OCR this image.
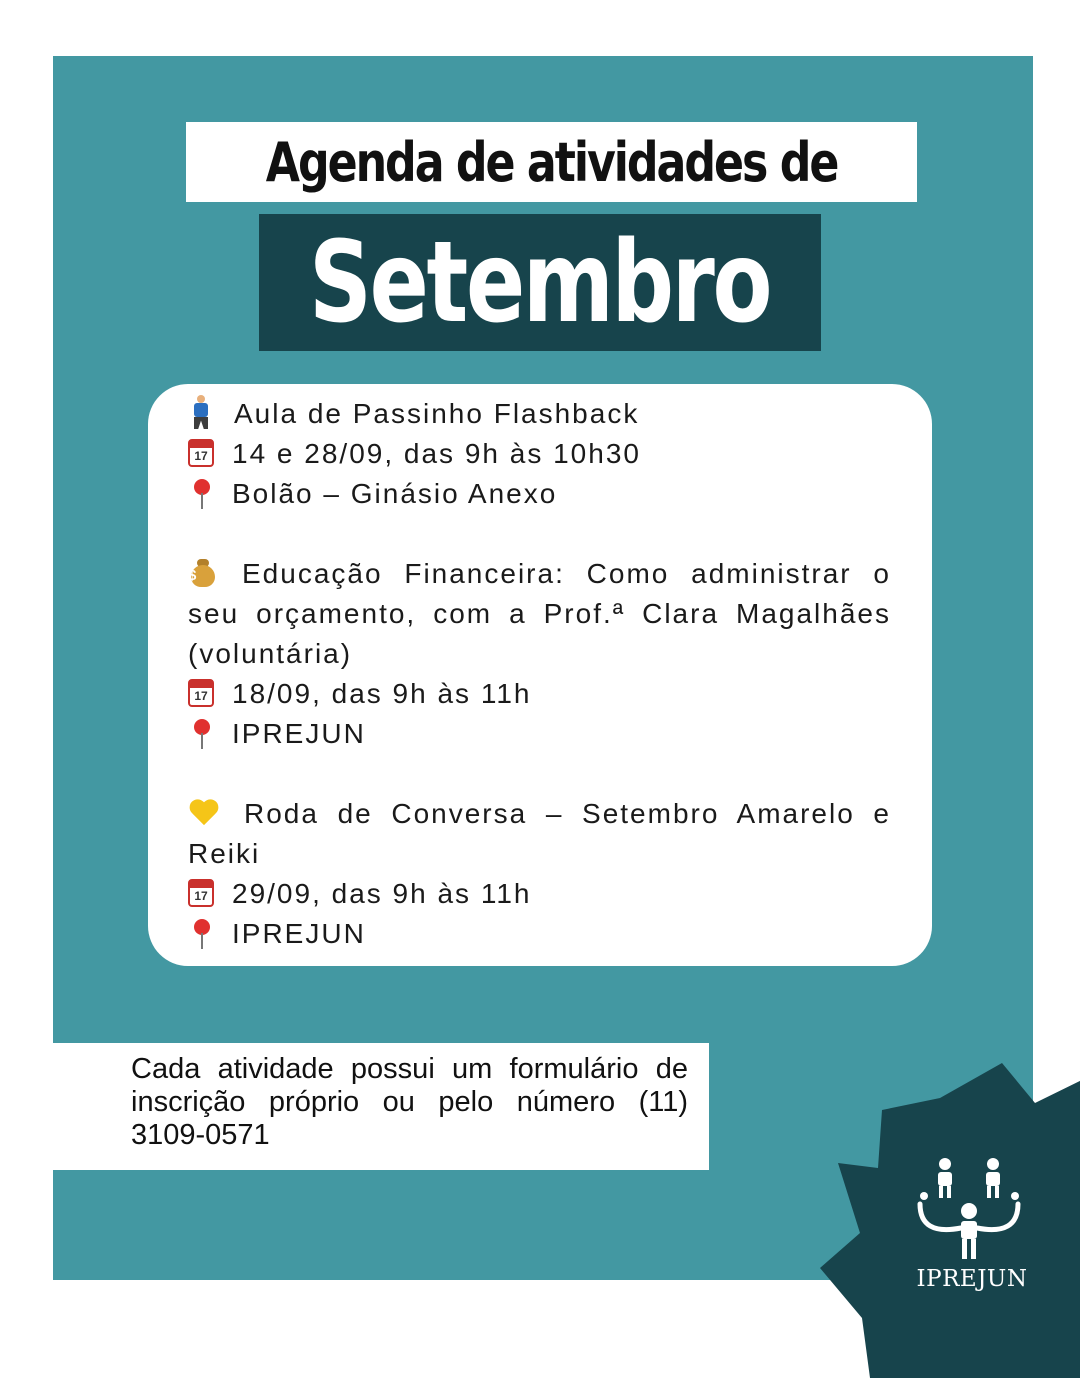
Agenda de atividades de
Setembro
Aula de Passinho Flashback
17 14 e 28/09, das 9h às 10h30
Bolão – Ginásio Anexo
$	Educação Financeira: Como administrar o seu orçamento, com a Prof.ª Clara Magalhães (voluntária)
17 18/09, das 9h às 11h
IPREJUN
Roda de Conversa – Setembro Amarelo e Reiki
17 29/09, das 9h às 11h
IPREJUN
Cada atividade possui um formulário de inscrição próprio ou pelo número (11) 3109-0571
IPREJUN
